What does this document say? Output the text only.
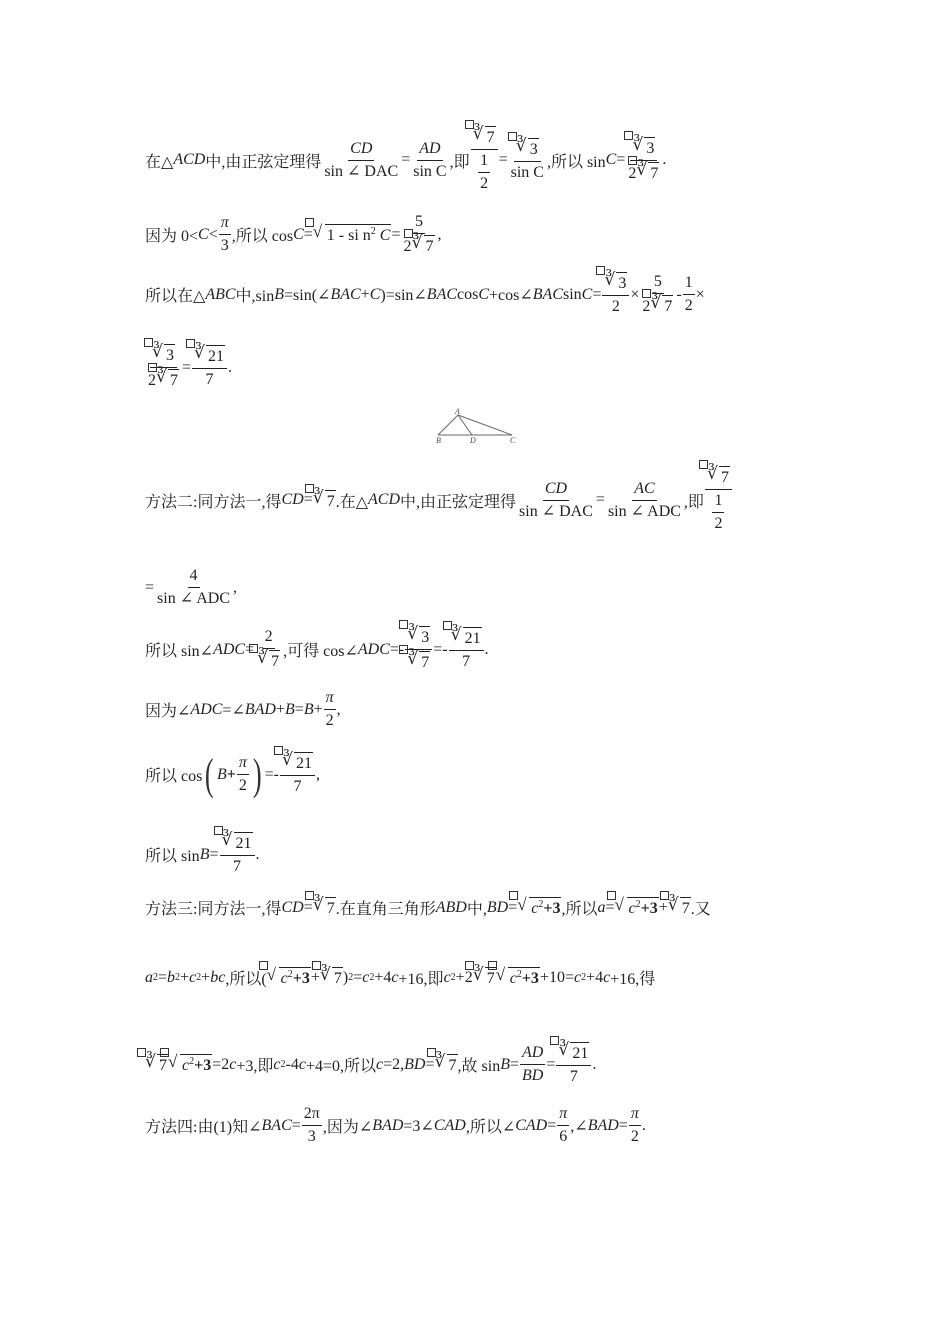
在△ ACD 中,由正弦定理得 $\frac{CD}{\text{sin ∠ DAC}} = \frac{AD}{\text{sin C}}$ ,即 $\frac{∛ 7}{\frac{1}{2}} = \frac{∛ 3}{\text{sin C}}$ ,所以 $\sin C = \frac{∛ 3}{2 ∛ 7}$ .
因为 $0< C < \frac{\pi}{3}$ ,所以 cos C = √ 1 - si $n^2$ $C = \frac{5}{2 ∛ 7}$ ,
所以在△ ABC 中,sin B =sin(∠ BAC + C )=sin∠ BAC cos C +cos∠ BAC $\sin C = \frac{∛ 3}{2} \times \frac{5}{2 ∛ 7} - \frac{1}{2}$ ×
$\frac{∛ 3}{2 ∛ 7} = \frac{∛ 21}{7}$ .
A
B	D	C
方法二:同方法一,得 CD = ∛ 7 .在△ ACD 中,由正弦定理得 $\frac{CD}{\text{sin ∠ DAC}} = \frac{AC}{\text{sin ∠ ADC}}$ ,即 $\frac{∛ 7}{\frac{1}{2}}$
= $\frac{4}{\text{sin ∠ ADC}}$ ,
所以 sin∠ ADC = $\frac{2}{∛ 7}$ ,可得 cos∠ ADC =- $\frac{∛ 3}{∛ 7} =- \frac{∛ 21}{7}$ .
因为∠ ADC =∠ BAD + $B = B + \frac{\pi}{2}$ ,
所以 cos ( $B + \frac{\pi}{2}$ ) =- $\frac{∛ 21}{7}$ ,
所以 $\sin B = \frac{∛ 21}{7}$ .
方法三:同方法一,得 CD = ∛ 7 .在直角三角形 ABD 中, BD = √ $c^2+3$ ,所以 a = √ $c^2+3$ + ∛ 7 .又
a 2 = b 2 + c 2 + bc ,所以( √ $c^2+3$ + ∛ 7 ) 2 = c 2 +4 c +16,即 c 2 +2 ∛ 7 √ $c^2+3 +10= c$ 2 +4 c +16,得
∛ 7 √ $c^2+3 =2$ c +3,即 c 2 -4 c +4=0,所以 c =2, BD = ∛ 7 ,故 $\sin B = \frac{AD}{BD} = \frac{∛ 21}{7}$ .
方法四:由(1)知∠ BAC = $\frac{2\pi}{3}$ ,因为∠ BAD =3∠ CAD ,所以∠ CAD = $\frac{\pi}{6}$ ,∠ BAD = $\frac{\pi}{2}$ .
